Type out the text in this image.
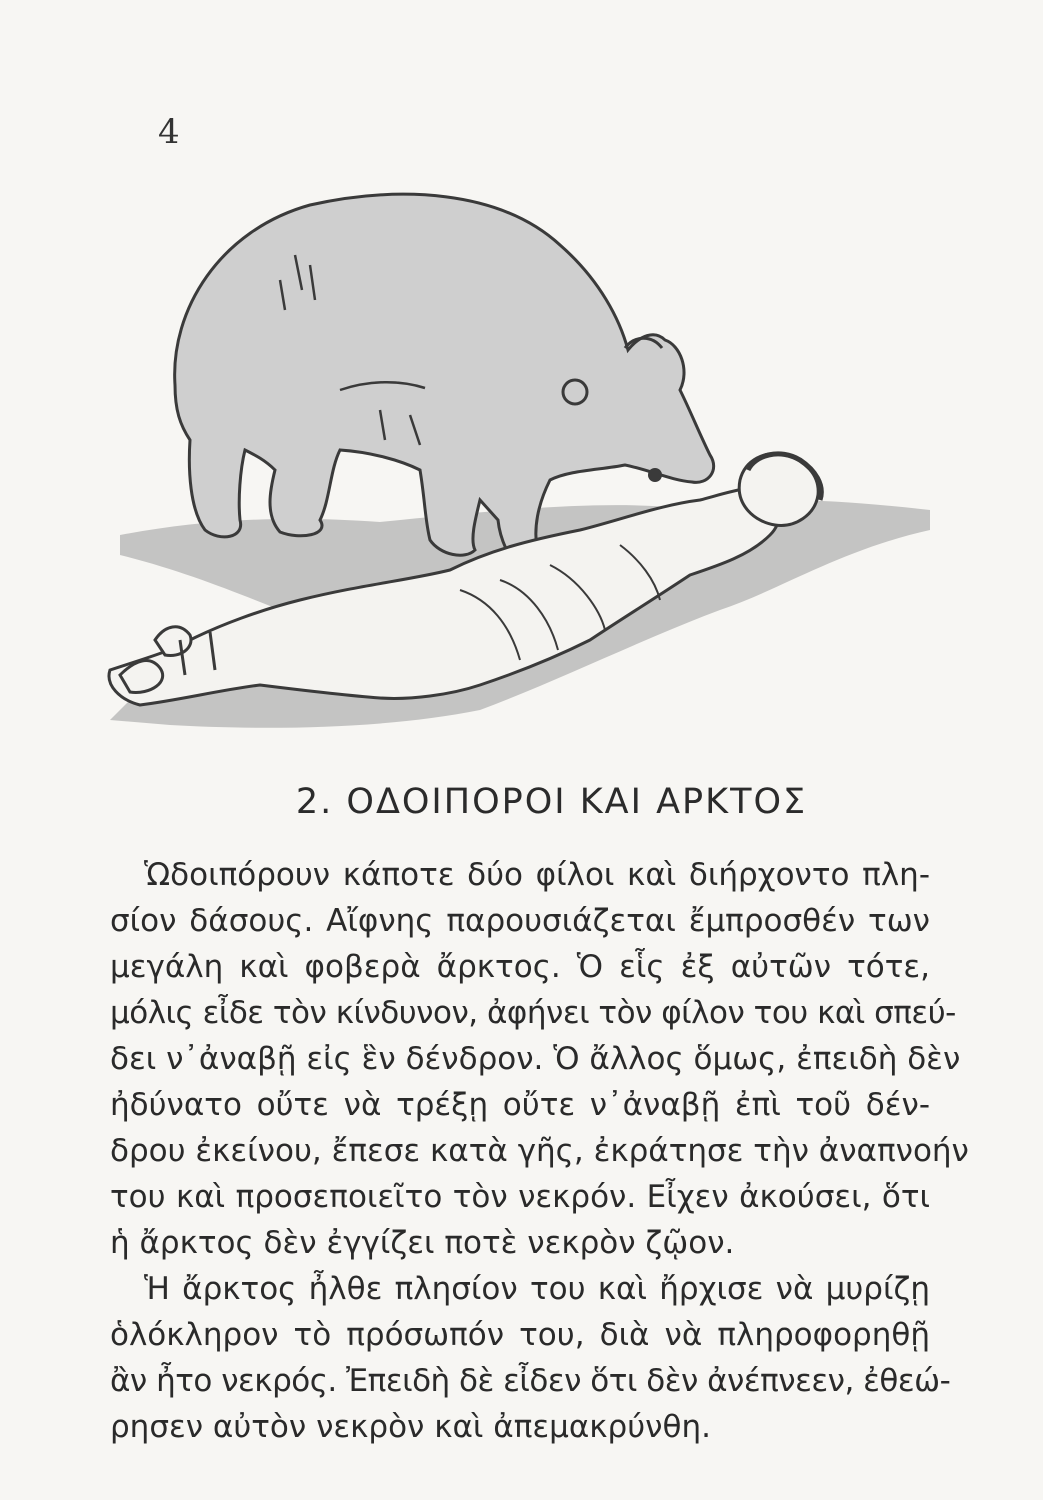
4
2. ΟΔΟΙΠΟΡΟΙ ΚΑΙ ΑΡΚΤΟΣ
Ὡδοιπόρουν κάποτε δύο φίλοι καὶ διήρχοντο πλη-
σίον δάσους. Αἴφνης παρουσιάζεται ἔμπροσθέν των
μεγάλη καὶ φοβερὰ ἄρκτος. Ὁ εἷς ἐξ αὐτῶν τότε,
μόλις εἶδε τὸν κίνδυνον, ἀφήνει τὸν φίλον του καὶ σπεύ-
δει ν᾿ἀναβῇ εἰς ἓν δένδρον. Ὁ ἄλλος ὅμως, ἐπειδὴ δὲν
ἠδύνατο οὔτε νὰ τρέξῃ οὔτε ν᾿ἀναβῇ ἐπὶ τοῦ δέν-
δρου ἐκείνου, ἔπεσε κατὰ γῆς, ἐκράτησε τὴν ἀναπνοήν
του καὶ προσεποιεῖτο τὸν νεκρόν. Εἶχεν ἀκούσει, ὅτι
ἡ ἄρκτος δὲν ἐγγίζει ποτὲ νεκρὸν ζῷον.
Ἡ ἄρκτος ἦλθε πλησίον του καὶ ἤρχισε νὰ μυρίζῃ
ὁλόκληρον τὸ πρόσωπόν του, διὰ νὰ πληροφορηθῇ
ἂν ἦτο νεκρός. Ἐπειδὴ δὲ εἶδεν ὅτι δὲν ἀνέπνεεν, ἐθεώ-
ρησεν αὐτὸν νεκρὸν καὶ ἀπεμακρύνθη.
